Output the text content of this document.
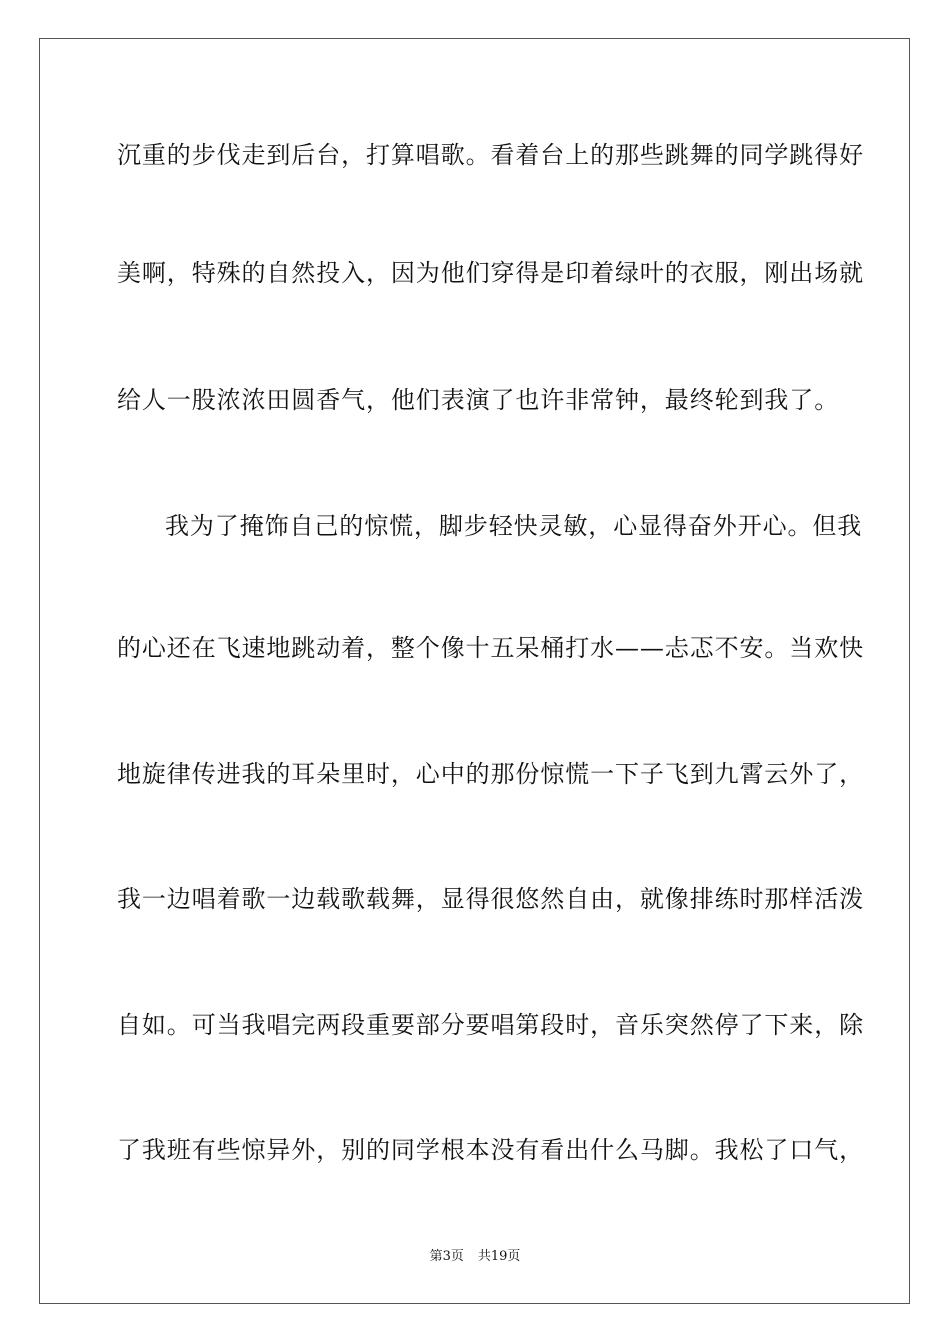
沉重的步伐走到后台，打算唱歌。看着台上的那些跳舞的同学跳得好
美啊，特殊的自然投入，因为他们穿得是印着绿叶的衣服，刚出场就
给人一股浓浓田圆香气，他们表演了也许非常钟，最终轮到我了。
我为了掩饰自己的惊慌，脚步轻快灵敏，心显得奋外开心。但我
的心还在飞速地跳动着，整个像十五呆桶打水——忐忑不安。当欢快
地旋律传进我的耳朵里时，心中的那份惊慌一下子飞到九霄云外了，
我一边唱着歌一边载歌载舞，显得很悠然自由，就像排练时那样活泼
自如。可当我唱完两段重要部分要唱第段时，音乐突然停了下来，除
了我班有些惊异外，别的同学根本没有看出什么马脚。我松了口气，
第3页 共19页
